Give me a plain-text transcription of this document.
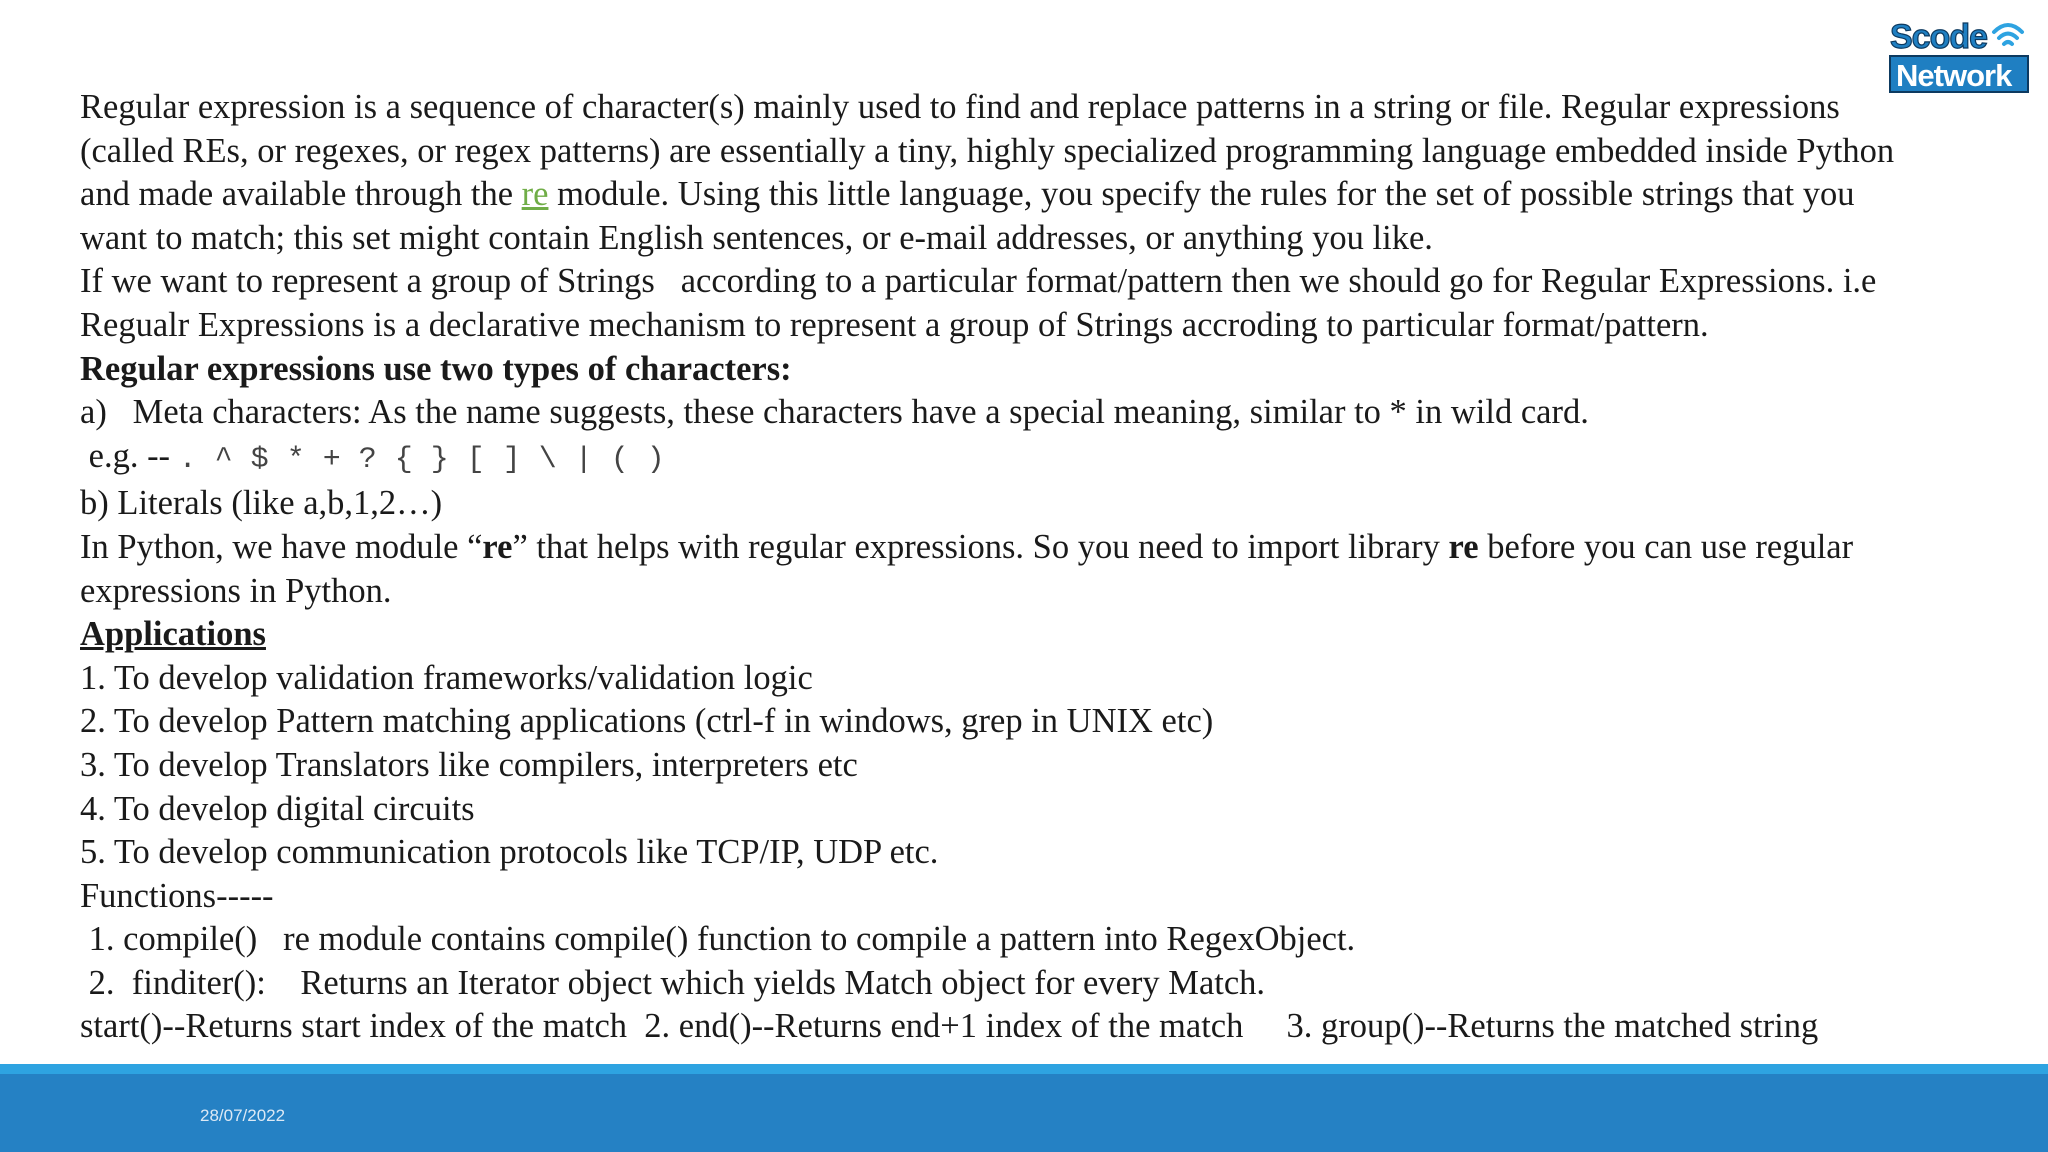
Scode
Network
Regular expression is a sequence of character(s) mainly used to find and replace patterns in a string or file. Regular expressions
(called REs, or regexes, or regex patterns) are essentially a tiny, highly specialized programming language embedded inside Python
and made available through the re module. Using this little language, you specify the rules for the set of possible strings that you
want to match; this set might contain English sentences, or e-mail addresses, or anything you like.
If we want to represent a group of Strings   according to a particular format/pattern then we should go for Regular Expressions. i.e
Regualr Expressions is a declarative mechanism to represent a group of Strings accroding to particular format/pattern.
Regular expressions use two types of characters:
a)   Meta characters: As the name suggests, these characters have a special meaning, similar to * in wild card.
e.g. -- . ^ $ * + ? { } [ ] \ | ( )
b) Literals (like a,b,1,2…)
In Python, we have module “re” that helps with regular expressions. So you need to import library re before you can use regular
expressions in Python.
Applications
1. To develop validation frameworks/validation logic
2. To develop Pattern matching applications (ctrl-f in windows, grep in UNIX etc)
3. To develop Translators like compilers, interpreters etc
4. To develop digital circuits
5. To develop communication protocols like TCP/IP, UDP etc.
Functions-----
1. compile()   re module contains compile() function to compile a pattern into RegexObject.
2.  finditer():    Returns an Iterator object which yields Match object for every Match.
start()--Returns start index of the match  2. end()--Returns end+1 index of the match     3. group()--Returns the matched string
28/07/2022
